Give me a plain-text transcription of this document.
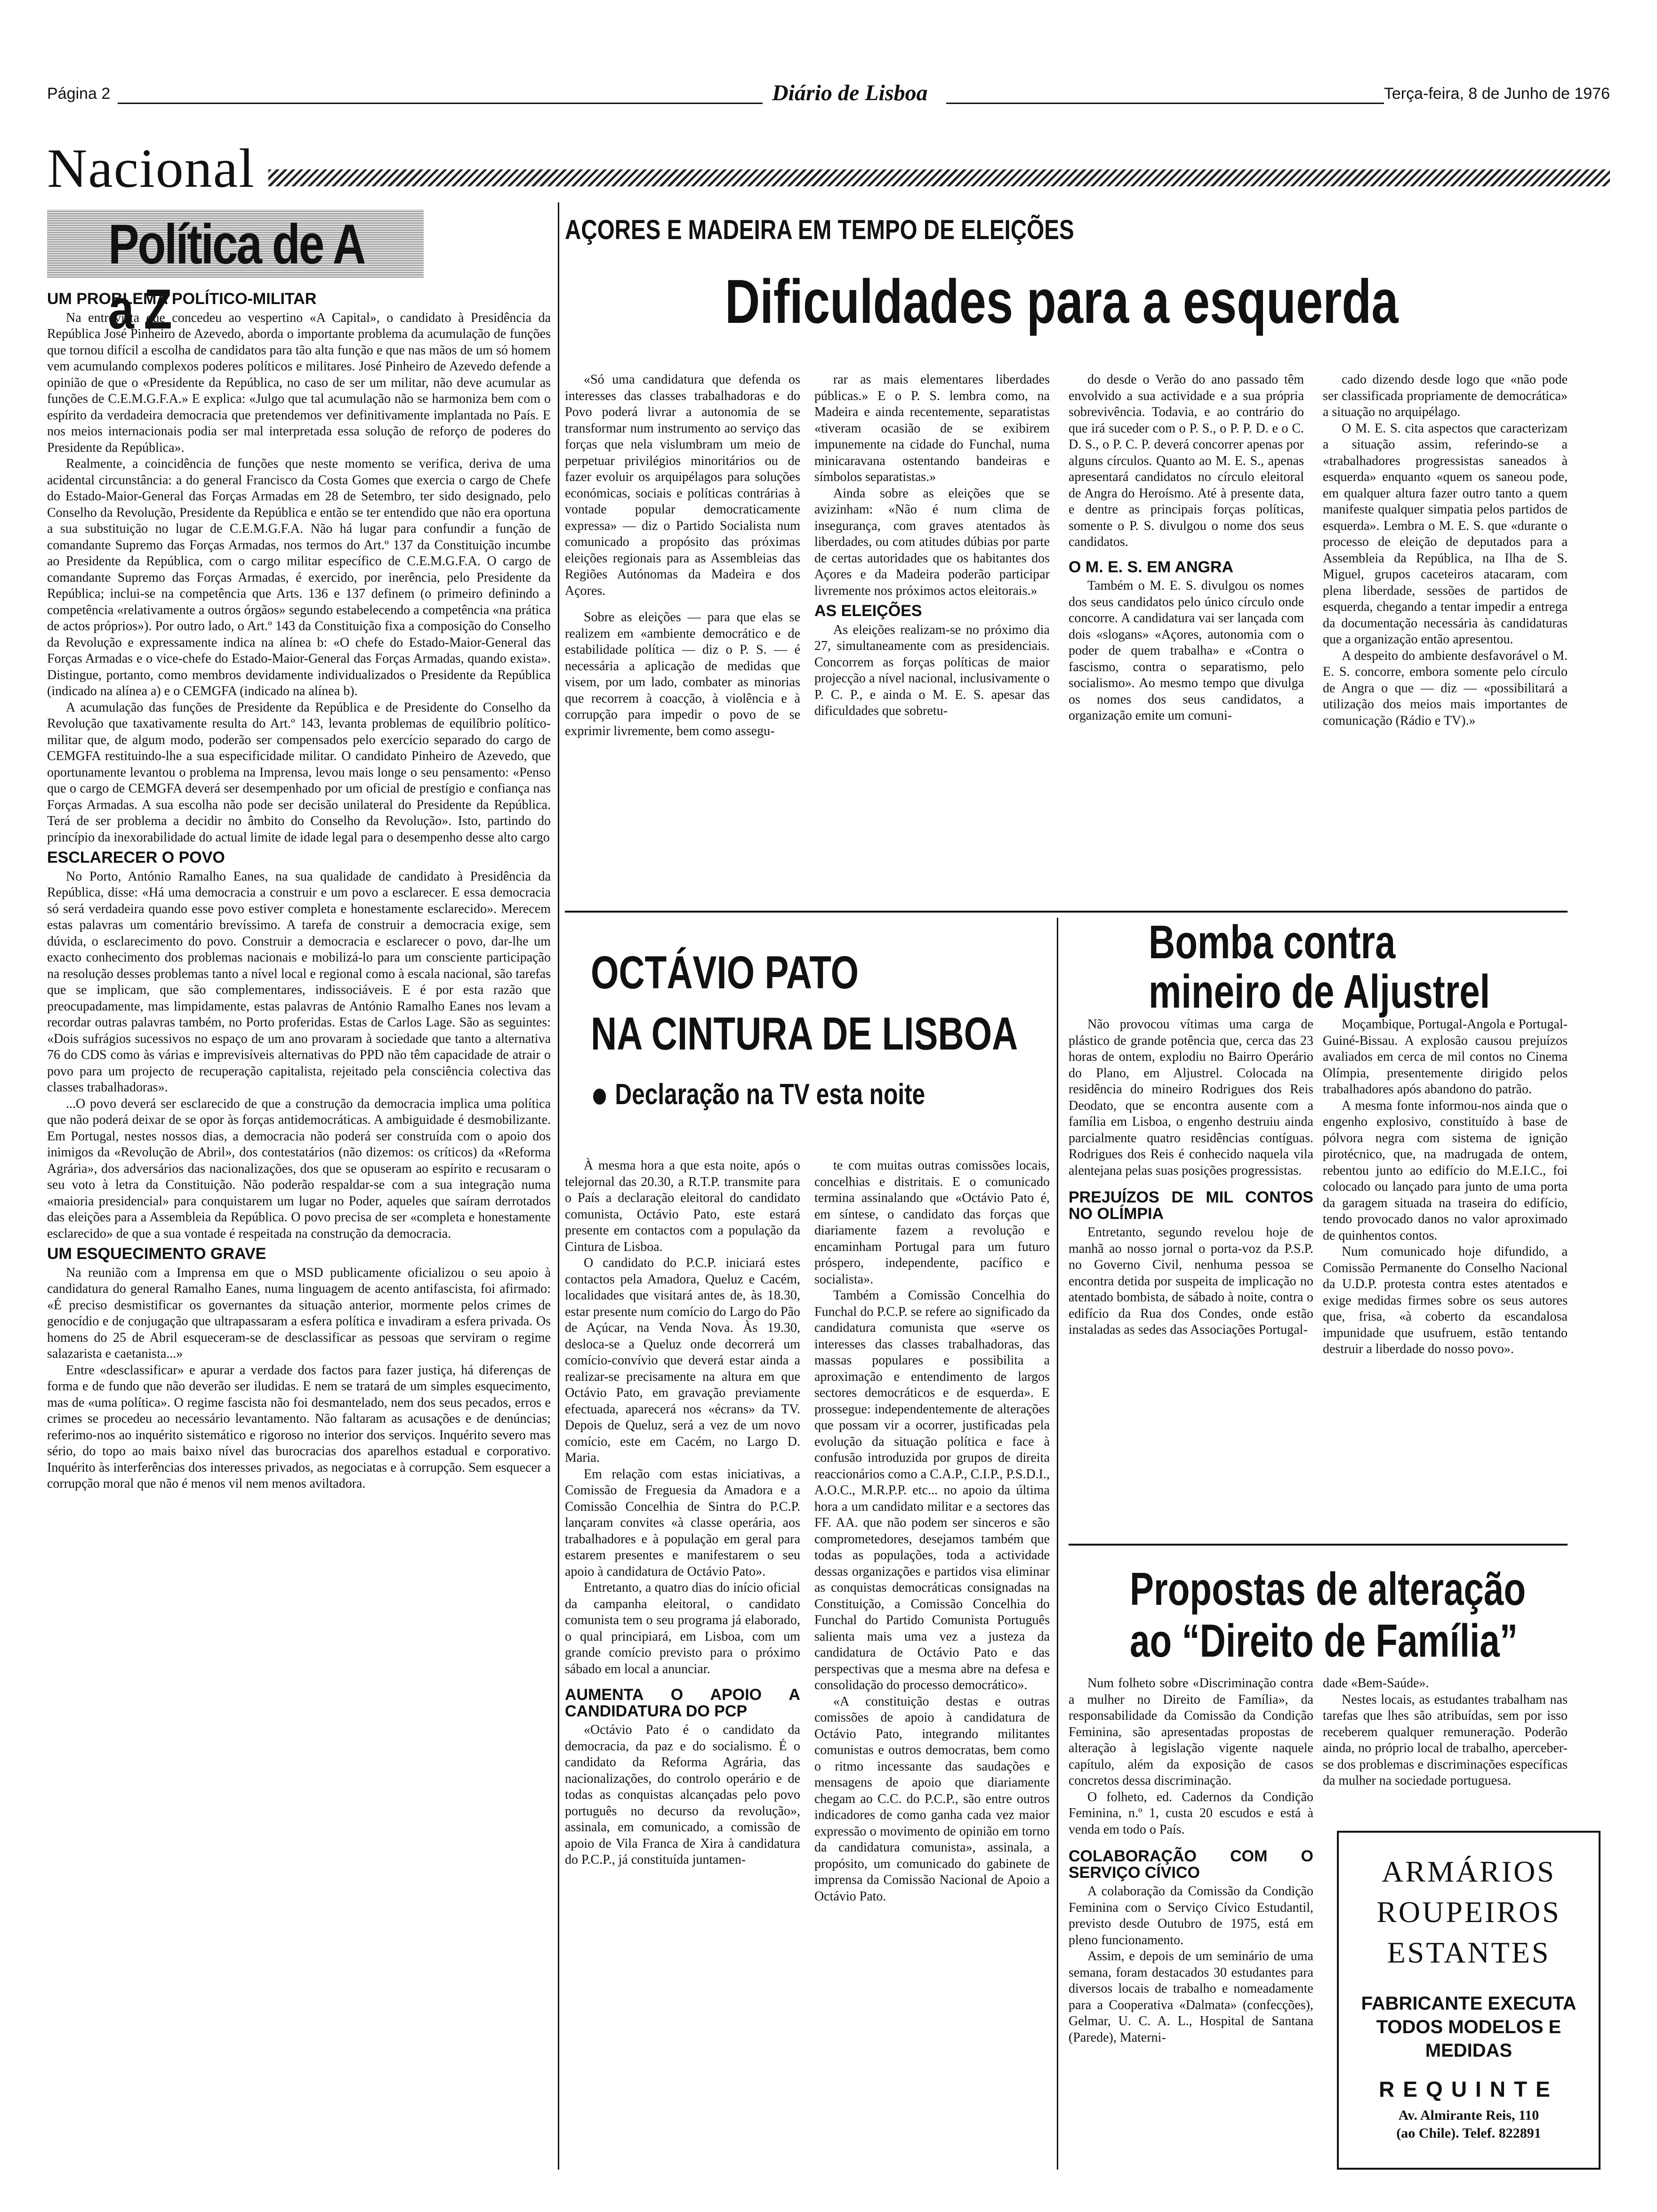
Página 2	Diário de Lisboa	Terça-feira, 8 de Junho de 1976
Nacional
Política de A a Z
UM PROBLEMA POLÍTICO-MILITAR

Na entrevista que concedeu ao vespertino «A Capital», o candidato à Presidência da República José Pinheiro de Azevedo, aborda o importante problema da acumulação de funções que tornou difícil a escolha de candidatos para tão alta função e que nas mãos de um só homem vem acumulando complexos poderes políticos e militares. José Pinheiro de Azevedo defende a opinião de que o «Presidente da República, no caso de ser um militar, não deve acumular as funções de C.E.M.G.F.A.» E explica: «Julgo que tal acumulação não se harmoniza bem com o espírito da verdadeira democracia que pretendemos ver definitivamente implantada no País. E nos meios internacionais podia ser mal interpretada essa solução de reforço de poderes do Presidente da República».

Realmente, a coincidência de funções que neste momento se verifica, deriva de uma acidental circunstância: a do general Francisco da Costa Gomes que exercia o cargo de Chefe do Estado-Maior-General das Forças Armadas em 28 de Setembro, ter sido designado, pelo Conselho da Revolução, Presidente da República e então se ter entendido que não era oportuna a sua substituição no lugar de C.E.M.G.F.A. Não há lugar para confundir a função de comandante Supremo das Forças Armadas, nos termos do Art.º 137 da Constituição incumbe ao Presidente da República, com o cargo militar específico de C.E.M.G.F.A. O cargo de comandante Supremo das Forças Armadas, é exercido, por inerência, pelo Presidente da República; inclui-se na competência que Arts. 136 e 137 definem (o primeiro definindo a competência «relativamente a outros órgãos» segundo estabelecendo a competência «na prática de actos próprios»). Por outro lado, o Art.º 143 da Constituição fixa a composição do Conselho da Revolução e expressamente indica na alínea b: «O chefe do Estado-Maior-General das Forças Armadas e o vice-chefe do Estado-Maior-General das Forças Armadas, quando exista». Distingue, portanto, como membros devidamente individualizados o Presidente da República (indicado na alínea a) e o CEMGFA (indicado na alínea b).

A acumulação das funções de Presidente da República e de Presidente do Conselho da Revolução que taxativamente resulta do Art.º 143, levanta problemas de equilíbrio político-militar que, de algum modo, poderão ser compensados pelo exercício separado do cargo de CEMGFA restituindo-lhe a sua especificidade militar. O candidato Pinheiro de Azevedo, que oportunamente levantou o problema na Imprensa, levou mais longe o seu pensamento: «Penso que o cargo de CEMGFA deverá ser desempenhado por um oficial de prestígio e confiança nas Forças Armadas. A sua escolha não pode ser decisão unilateral do Presidente da República. Terá de ser problema a decidir no âmbito do Conselho da Revolução». Isto, partindo do princípio da inexorabilidade do actual limite de idade legal para o desempenho desse alto cargo

ESCLARECER O POVO

No Porto, António Ramalho Eanes, na sua qualidade de candidato à Presidência da República, disse: «Há uma democracia a construir e um povo a esclarecer. E essa democracia só será verdadeira quando esse povo estiver completa e honestamente esclarecido». Merecem estas palavras um comentário brevíssimo. A tarefa de construir a democracia exige, sem dúvida, o esclarecimento do povo. Construir a democracia e esclarecer o povo, dar-lhe um exacto conhecimento dos problemas nacionais e mobilizá-lo para um consciente participação na resolução desses problemas tanto a nível local e regional como à escala nacional, são tarefas que se implicam, que são complementares, indissociáveis. E é por esta razão que preocupadamente, mas limpidamente, estas palavras de António Ramalho Eanes nos levam a recordar outras palavras também, no Porto proferidas. Estas de Carlos Lage. São as seguintes: «Dois sufrágios sucessivos no espaço de um ano provaram à sociedade que tanto a alternativa 76 do CDS como às várias e imprevisíveis alternativas do PPD não têm capacidade de atrair o povo para um projecto de recuperação capitalista, rejeitado pela consciência colectiva das classes trabalhadoras».

...O povo deverá ser esclarecido de que a construção da democracia implica uma política que não poderá deixar de se opor às forças antidemocráticas. A ambiguidade é desmobilizante. Em Portugal, nestes nossos dias, a democracia não poderá ser construída com o apoio dos inimigos da «Revolução de Abril», dos contestatários (não dizemos: os críticos) da «Reforma Agrária», dos adversários das nacionalizações, dos que se opuseram ao espírito e recusaram o seu voto à letra da Constituição. Não poderão respaldar-se com a sua integração numa «maioria presidencial» para conquistarem um lugar no Poder, aqueles que saíram derrotados das eleições para a Assembleia da República. O povo precisa de ser «completa e honestamente esclarecido» de que a sua vontade é respeitada na construção da democracia.

UM ESQUECIMENTO GRAVE

Na reunião com a Imprensa em que o MSD publicamente oficializou o seu apoio à candidatura do general Ramalho Eanes, numa linguagem de acento antifascista, foi afirmado: «É preciso desmistificar os governantes da situação anterior, mormente pelos crimes de genocídio e de conjugação que ultrapassaram a esfera política e invadiram a esfera privada. Os homens do 25 de Abril esqueceram-se de desclassificar as pessoas que serviram o regime salazarista e caetanista...»

Entre «desclassificar» e apurar a verdade dos factos para fazer justiça, há diferenças de forma e de fundo que não deverão ser iludidas. E nem se tratará de um simples esquecimento, mas de «uma política». O regime fascista não foi desmantelado, nem dos seus pecados, erros e crimes se procedeu ao necessário levantamento. Não faltaram as acusações e de denúncias; referimo-nos ao inquérito sistemático e rigoroso no interior dos serviços. Inquérito severo mas sério, do topo ao mais baixo nível das burocracias dos aparelhos estadual e corporativo. Inquérito às interferências dos interesses privados, as negociatas e à corrupção. Sem esquecer a corrupção moral que não é menos vil nem menos aviltadora.

AÇORES E MADEIRA EM TEMPO DE ELEIÇÕES
Dificuldades para a esquerda

«Só uma candidatura que defenda os interesses das classes trabalhadoras e do Povo poderá livrar a autonomia de se transformar num instrumento ao serviço das forças que nela vislumbram um meio de perpetuar privilégios minoritários ou de fazer evoluir os arquipélagos para soluções económicas, sociais e políticas contrárias à vontade popular democraticamente expressa» — diz o Partido Socialista num comunicado a propósito das próximas eleições regionais para as Assembleias das Regiões Autónomas da Madeira e dos Açores.

Sobre as eleições — para que elas se realizem em «ambiente democrático e de estabilidade política — diz o P. S. — é necessária a aplicação de medidas que visem, por um lado, combater as minorias que recorrem à coacção, à violência e à corrupção para impedir o povo de se exprimir livremente, bem como assegu-

rar as mais elementares liberdades públicas.» E o P. S. lembra como, na Madeira e ainda recentemente, separatistas «tiveram ocasião de se exibirem impunemente na cidade do Funchal, numa minicaravana ostentando bandeiras e símbolos separatistas.»

Ainda sobre as eleições que se avizinham: «Não é num clima de insegurança, com graves atentados às liberdades, ou com atitudes dúbias por parte de certas autoridades que os habitantes dos Açores e da Madeira poderão participar livremente nos próximos actos eleitorais.»

AS ELEIÇÕES

As eleições realizam-se no próximo dia 27, simultaneamente com as presidenciais. Concorrem as forças políticas de maior projecção a nível nacional, inclusivamente o P. C. P., e ainda o M. E. S. apesar das dificuldades que sobretu-

do desde o Verão do ano passado têm envolvido a sua actividade e a sua própria sobrevivência. Todavia, e ao contrário do que irá suceder com o P. S., o P. P. D. e o C. D. S., o P. C. P. deverá concorrer apenas por alguns círculos. Quanto ao M. E. S., apenas apresentará candidatos no círculo eleitoral de Angra do Heroísmo. Até à presente data, e dentre as principais forças políticas, somente o P. S. divulgou o nome dos seus candidatos.

O M. E. S. EM ANGRA

Também o M. E. S. divulgou os nomes dos seus candidatos pelo único círculo onde concorre. A candidatura vai ser lançada com dois «slogans» «Açores, autonomia com o poder de quem trabalha» e «Contra o fascismo, contra o separatismo, pelo socialismo». Ao mesmo tempo que divulga os nomes dos seus candidatos, a organização emite um comuni-

cado dizendo desde logo que «não pode ser classificada propriamente de democrática» a situação no arquipélago.

O M. E. S. cita aspectos que caracterizam a situação assim, referindo-se a «trabalhadores progressistas saneados à esquerda» enquanto «quem os saneou pode, em qualquer altura fazer outro tanto a quem manifeste qualquer simpatia pelos partidos de esquerda». Lembra o M. E. S. que «durante o processo de eleição de deputados para a Assembleia da República, na Ilha de S. Miguel, grupos caceteiros atacaram, com plena liberdade, sessões de partidos de esquerda, chegando a tentar impedir a entrega da documentação necessária às candidaturas que a organização então apresentou.

A despeito do ambiente desfavorável o M. E. S. concorre, embora somente pelo círculo de Angra o que — diz — «possibilitará a utilização dos meios mais importantes de comunicação (Rádio e TV).»

OCTÁVIO PATO
NA CINTURA DE LISBOA
Declaração na TV esta noite

À mesma hora a que esta noite, após o telejornal das 20.30, a R.T.P. transmite para o País a declaração eleitoral do candidato comunista, Octávio Pato, este estará presente em contactos com a população da Cintura de Lisboa.

O candidato do P.C.P. iniciará estes contactos pela Amadora, Queluz e Cacém, localidades que visitará antes de, às 18.30, estar presente num comício do Largo do Pão de Açúcar, na Venda Nova. Às 19.30, desloca-se a Queluz onde decorrerá um comício-convívio que deverá estar ainda a realizar-se precisamente na altura em que Octávio Pato, em gravação previamente efectuada, aparecerá nos «écrans» da TV. Depois de Queluz, será a vez de um novo comício, este em Cacém, no Largo D. Maria.

Em relação com estas iniciativas, a Comissão de Freguesia da Amadora e a Comissão Concelhia de Sintra do P.C.P. lançaram convites «à classe operária, aos trabalhadores e à população em geral para estarem presentes e manifestarem o seu apoio à candidatura de Octávio Pato».

Entretanto, a quatro dias do início oficial da campanha eleitoral, o candidato comunista tem o seu programa já elaborado, o qual principiará, em Lisboa, com um grande comício previsto para o próximo sábado em local a anunciar.

AUMENTA O APOIO A CANDIDATURA DO PCP

«Octávio Pato é o candidato da democracia, da paz e do socialismo. É o candidato da Reforma Agrária, das nacionalizações, do controlo operário e de todas as conquistas alcançadas pelo povo português no decurso da revolução», assinala, em comunicado, a comissão de apoio de Vila Franca de Xira à candidatura do P.C.P., já constituída juntamen-

te com muitas outras comissões locais, concelhias e distritais. E o comunicado termina assinalando que «Octávio Pato é, em síntese, o candidato das forças que diariamente fazem a revolução e encaminham Portugal para um futuro próspero, independente, pacífico e socialista».

Também a Comissão Concelhia do Funchal do P.C.P. se refere ao significado da candidatura comunista que «serve os interesses das classes trabalhadoras, das massas populares e possibilita a aproximação e entendimento de largos sectores democráticos e de esquerda». E prossegue: independentemente de alterações que possam vir a ocorrer, justificadas pela evolução da situação política e face à confusão introduzida por grupos de direita reaccionários como a C.A.P., C.I.P., P.S.D.I., A.O.C., M.R.P.P. etc... no apoio da última hora a um candidato militar e a sectores das FF. AA. que não podem ser sinceros e são comprometedores, desejamos também que todas as populações, toda a actividade dessas organizações e partidos visa eliminar as conquistas democráticas consignadas na Constituição, a Comissão Concelhia do Funchal do Partido Comunista Português salienta mais uma vez a justeza da candidatura de Octávio Pato e das perspectivas que a mesma abre na defesa e consolidação do processo democrático».

«A constituição destas e outras comissões de apoio à candidatura de Octávio Pato, integrando militantes comunistas e outros democratas, bem como o ritmo incessante das saudações e mensagens de apoio que diariamente chegam ao C.C. do P.C.P., são entre outros indicadores de como ganha cada vez maior expressão o movimento de opinião em torno da candidatura comunista», assinala, a propósito, um comunicado do gabinete de imprensa da Comissão Nacional de Apoio a Octávio Pato.

Bomba contra
mineiro de Aljustrel

Não provocou vítimas uma carga de plástico de grande potência que, cerca das 23 horas de ontem, explodiu no Bairro Operário do Plano, em Aljustrel. Colocada na residência do mineiro Rodrigues dos Reis Deodato, que se encontra ausente com a família em Lisboa, o engenho destruiu ainda parcialmente quatro residências contíguas. Rodrigues dos Reis é conhecido naquela vila alentejana pelas suas posições progressistas.

PREJUÍZOS DE MIL CONTOS NO OLÍMPIA

Entretanto, segundo revelou hoje de manhã ao nosso jornal o porta-voz da P.S.P. no Governo Civil, nenhuma pessoa se encontra detida por suspeita de implicação no atentado bombista, de sábado à noite, contra o edifício da Rua dos Condes, onde estão instaladas as sedes das Associações Portugal-

Moçambique, Portugal-Angola e Portugal-Guiné-Bissau. A explosão causou prejuízos avaliados em cerca de mil contos no Cinema Olímpia, presentemente dirigido pelos trabalhadores após abandono do patrão.

A mesma fonte informou-nos ainda que o engenho explosivo, constituído à base de pólvora negra com sistema de ignição pirotécnico, que, na madrugada de ontem, rebentou junto ao edifício do M.E.I.C., foi colocado ou lançado para junto de uma porta da garagem situada na traseira do edifício, tendo provocado danos no valor aproximado de quinhentos contos.

Num comunicado hoje difundido, a Comissão Permanente do Conselho Nacional da U.D.P. protesta contra estes atentados e exige medidas firmes sobre os seus autores que, frisa, «à coberto da escandalosa impunidade que usufruem, estão tentando destruir a liberdade do nosso povo».

Propostas de alteração
ao “Direito de Família”

Num folheto sobre «Discriminação contra a mulher no Direito de Família», da responsabilidade da Comissão da Condição Feminina, são apresentadas propostas de alteração à legislação vigente naquele capítulo, além da exposição de casos concretos dessa discriminação.

O folheto, ed. Cadernos da Condição Feminina, n.º 1, custa 20 escudos e está à venda em todo o País.

COLABORAÇÃO COM O SERVIÇO CÍVICO

A colaboração da Comissão da Condição Feminina com o Serviço Cívico Estudantil, previsto desde Outubro de 1975, está em pleno funcionamento.

Assim, e depois de um seminário de uma semana, foram destacados 30 estudantes para diversos locais de trabalho e nomeadamente para a Cooperativa «Dalmata» (confecções), Gelmar, U. C. A. L., Hospital de Santana (Parede), Materni-

dade «Bem-Saúde».

Nestes locais, as estudantes trabalham nas tarefas que lhes são atribuídas, sem por isso receberem qualquer remuneração. Poderão ainda, no próprio local de trabalho, aperceber-se dos problemas e discriminações específicas da mulher na sociedade portuguesa.

ARMÁRIOS
ROUPEIROS
ESTANTES
FABRICANTE EXECUTA TODOS MODELOS E MEDIDAS
REQUINTE
Av. Almirante Reis, 110
(ao Chile). Telef. 822891
